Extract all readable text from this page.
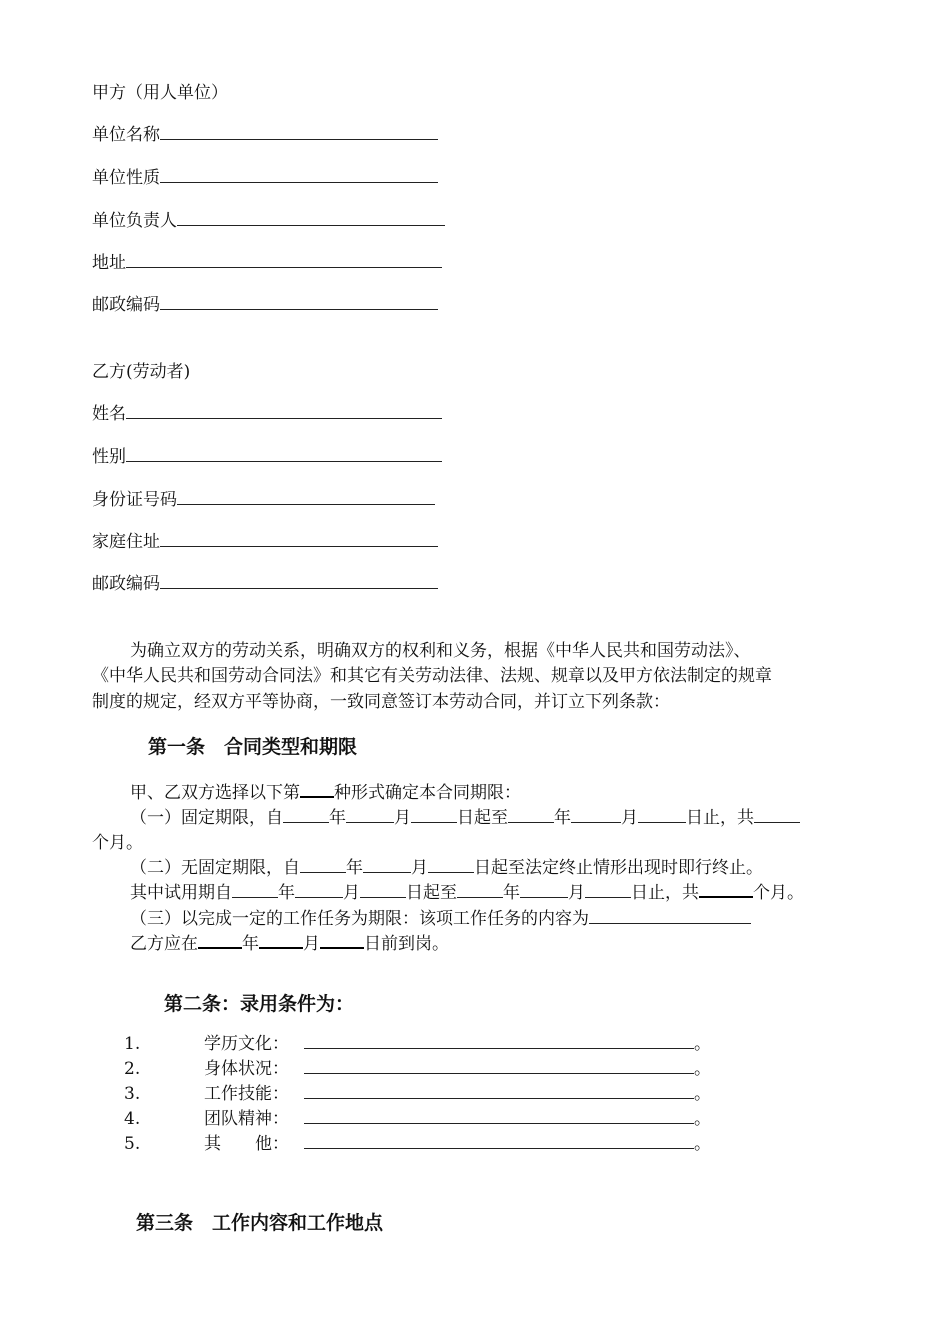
甲方（用人单位）
单位名称
单位性质
单位负责人
地址
邮政编码
乙方(劳动者)
姓名
性别
身份证号码
家庭住址
邮政编码
为确立双方的劳动关系，明确双方的权利和义务，根据《中华人民共和国劳动法》、
《中华人民共和国劳动合同法》和其它有关劳动法律、法规、规章以及甲方依法制定的规章
制度的规定，经双方平等协商，一致同意签订本劳动合同，并订立下列条款：
第一条　合同类型和期限
甲、乙双方选择以下第 种形式确定本合同期限：
（一）固定期限，自	年	月	日起至	年	月	日止，共
个月。
（二）无固定期限，自	年	月	日起至法定终止情形出现时即行终止。
其中试用期自	年	月	日起至	年	月	日止，共	个月。
（三）以完成一定的工作任务为期限：该项工作任务的内容为
乙方应在	年	月	日前到岗。
第二条：录用条件为：
1.	学历文化：	。
2.	身体状况：	。
3.	工作技能：	。
4.	团队精神：	。
5.	其　　他：	。
第三条　工作内容和工作地点
